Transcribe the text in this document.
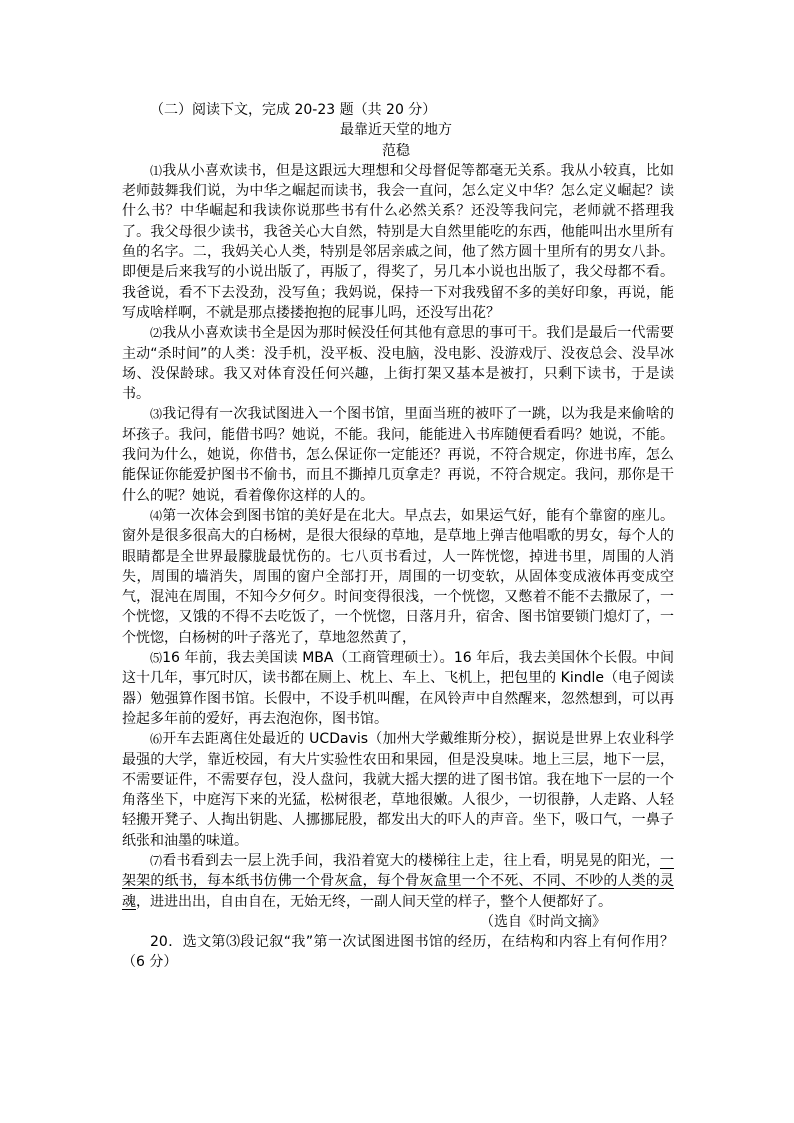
（二）阅读下文，完成 20-23 题（共 20 分）
最靠近天堂的地方
范稳

⑴我从小喜欢读书，但是这跟远大理想和父母督促等都毫无关系。我从小较真，比如老师鼓舞我们说，为中华之崛起而读书，我会一直问，怎么定义中华？怎么定义崛起？读什么书？中华崛起和我读你说那些书有什么必然关系？还没等我问完，老师就不搭理我了。我父母很少读书，我爸关心大自然，特别是大自然里能吃的东西，他能叫出水里所有鱼的名字。二，我妈关心人类，特别是邻居亲戚之间，他了然方圆十里所有的男女八卦。即便是后来我写的小说出版了，再版了，得奖了，另几本小说也出版了，我父母都不看。我爸说，看不下去没劲，没写鱼；我妈说，保持一下对我残留不多的美好印象，再说，能写成啥样啊，不就是那点搂搂抱抱的屁事儿吗，还没写出花？

⑵我从小喜欢读书全是因为那时候没任何其他有意思的事可干。我们是最后一代需要主动“杀时间”的人类：没手机，没平板、没电脑，没电影、没游戏厅、没夜总会、没旱冰场、没保龄球。我又对体育没任何兴趣，上街打架又基本是被打，只剩下读书，于是读书。

⑶我记得有一次我试图进入一个图书馆，里面当班的被吓了一跳，以为我是来偷啥的坏孩子。我问，能借书吗？她说，不能。我问，能能进入书库随便看看吗？她说，不能。我问为什么，她说，你借书，怎么保证你一定能还？再说，不符合规定，你进书库，怎么能保证你能爱护图书不偷书，而且不撕掉几页拿走？再说，不符合规定。我问，那你是干什么的呢？她说，看着像你这样的人的。

⑷第一次体会到图书馆的美好是在北大。早点去，如果运气好，能有个靠窗的座儿。窗外是很多很高大的白杨树，是很大很绿的草地，是草地上弹吉他唱歌的男女，每个人的眼睛都是全世界最朦胧最忧伤的。七八页书看过，人一阵恍惚，掉进书里，周围的人消失，周围的墙消失，周围的窗户全部打开，周围的一切变软，从固体变成液体再变成空气，混沌在周围，不知今夕何夕。时间变得很浅，一个恍惚，又憋着不能不去撒尿了，一个恍惚，又饿的不得不去吃饭了，一个恍惚，日落月升，宿舍、图书馆要锁门熄灯了，一个恍惚，白杨树的叶子落光了，草地忽然黄了，

⑸16 年前，我去美国读 MBA（工商管理硕士）。16 年后，我去美国休个长假。中间这十几年，事冗时仄，读书都在厕上、枕上、车上、飞机上，把包里的 Kindle（电子阅读器）勉强算作图书馆。长假中，不设手机叫醒，在风铃声中自然醒来，忽然想到，可以再捡起多年前的爱好，再去泡泡你，图书馆。

⑹开车去距离住处最近的 UCDavis（加州大学戴维斯分校），据说是世界上农业科学最强的大学，靠近校园，有大片实验性农田和果园，但是没臭味。地上三层，地下一层，不需要证件，不需要存包，没人盘问，我就大摇大摆的进了图书馆。我在地下一层的一个角落坐下，中庭泻下来的光猛，松树很老，草地很嫩。人很少，一切很静，人走路、人轻轻搬开凳子、人掏出钥匙、人挪挪屁股，都发出大的吓人的声音。坐下，吸口气，一鼻子纸张和油墨的味道。

⑺看书看到去一层上洗手间，我沿着宽大的楼梯往上走，往上看，明晃晃的阳光，一架架的纸书，每本纸书仿佛一个骨灰盒，每个骨灰盒里一个不死、不同、不吵的人类的灵魂，进进出出，自由自在，无始无终，一副人间天堂的样子，整个人便都好了。

（选自《时尚文摘》

20．选文第⑶段记叙“我”第一次试图进图书馆的经历，在结构和内容上有何作用？（6 分）
